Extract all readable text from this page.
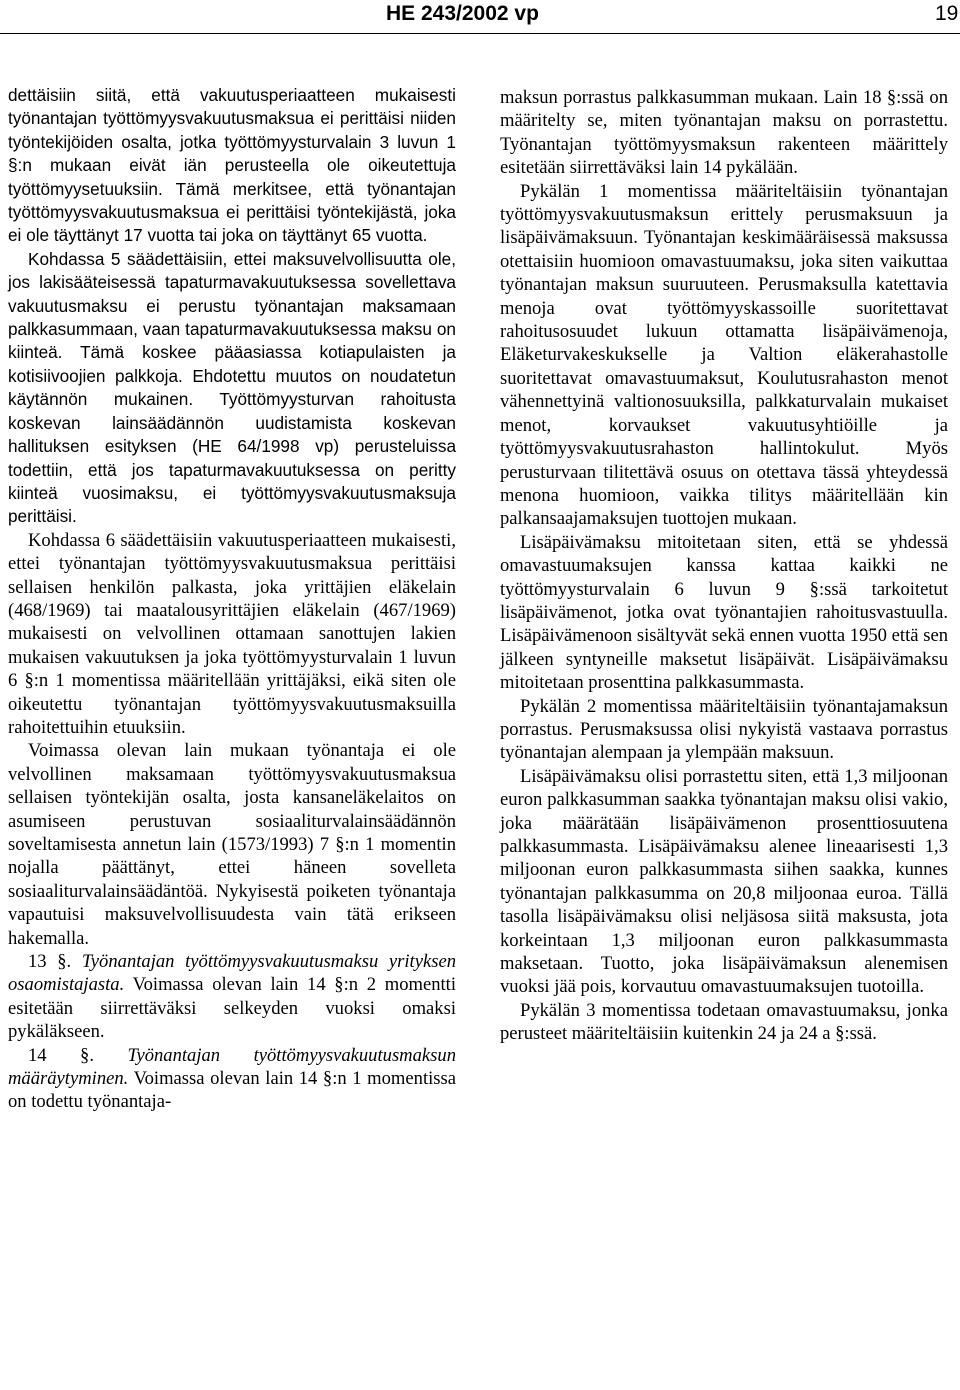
HE 243/2002 vp	19

dettäisiin siitä, että vakuutusperiaatteen mukaisesti työnantajan työttömyysvakuutusmaksua ei perittäisi niiden työntekijöiden osalta, jotka työttömyysturvalain 3 luvun 1 §:n mukaan eivät iän perusteella ole oikeutettuja työttömyysetuuksiin. Tämä merkitsee, että työnantajan työttömyysvakuutusmaksua ei perittäisi työntekijästä, joka ei ole täyttänyt 17 vuotta tai joka on täyttänyt 65 vuotta.

Kohdassa 5 säädettäisiin, ettei maksuvelvollisuutta ole, jos lakisääteisessä tapaturmavakuutuksessa sovellettava vakuutusmaksu ei perustu työnantajan maksamaan palkkasummaan, vaan tapaturmavakuutuksessa maksu on kiinteä. Tämä koskee pääasiassa kotiapulaisten ja kotisiivoojien palkkoja. Ehdotettu muutos on noudatetun käytännön mukainen. Työttömyysturvan rahoitusta koskevan lainsäädännön uudistamista koskevan hallituksen esityksen (HE 64/1998 vp) perusteluissa todettiin, että jos tapaturmavakuutuksessa on peritty kiinteä vuosimaksu, ei työttömyysvakuutusmaksuja perittäisi.

Kohdassa 6 säädettäisiin vakuutusperiaatteen mukaisesti, ettei työnantajan työttömyysvakuutusmaksua perittäisi sellaisen henkilön palkasta, joka yrittäjien eläkelain (468/1969) tai maatalousyrittäjien eläkelain (467/1969) mukaisesti on velvollinen ottamaan sanottujen lakien mukaisen vakuutuksen ja joka työttömyysturvalain 1 luvun 6 §:n 1 momentissa määritellään yrittäjäksi, eikä siten ole oikeutettu työnantajan työttömyysvakuutusmaksuilla rahoitettuihin etuuksiin.

Voimassa olevan lain mukaan työnantaja ei ole velvollinen maksamaan työttömyysvakuutusmaksua sellaisen työntekijän osalta, josta kansaneläkelaitos on asumiseen perustuvan sosiaaliturvalainsäädännön soveltamisesta annetun lain (1573/1993) 7 §:n 1 momentin nojalla päättänyt, ettei häneen sovelleta sosiaaliturvalainsäädäntöä. Nykyisestä poiketen työnantaja vapautuisi maksuvelvollisuudesta vain tätä erikseen hakemalla.

13 §. Työnantajan työttömyysvakuutusmaksu yrityksen osaomistajasta. Voimassa olevan lain 14 §:n 2 momentti esitetään siirrettäväksi selkeyden vuoksi omaksi pykäläkseen.

14 §. Työnantajan työttömyysvakuutusmaksun määräytyminen. Voimassa olevan lain 14 §:n 1 momentissa on todettu työnantaja-

maksun porrastus palkkasumman mukaan. Lain 18 §:ssä on määritelty se, miten työnantajan maksu on porrastettu. Työnantajan työttömyysmaksun rakenteen määrittely esitetään siirrettäväksi lain 14 pykälään.

Pykälän 1 momentissa määriteltäisiin työnantajan työttömyysvakuutusmaksun erittely perusmaksuun ja lisäpäivämaksuun. Työnantajan keskimääräisessä maksussa otettaisiin huomioon omavastuumaksu, joka siten vaikuttaa työnantajan maksun suuruuteen. Perusmaksulla katettavia menoja ovat työttömyyskassoille suoritettavat rahoitusosuudet lukuun ottamatta lisäpäivämenoja, Eläketurvakeskukselle ja Valtion eläkerahastolle suoritettavat omavastuumaksut, Koulutusrahaston menot vähennettyinä valtionosuuksilla, palkkaturvalain mukaiset menot, korvaukset vakuutusyhtiöille ja työttömyysvakuutusrahaston hallintokulut. Myös perusturvaan tilitettävä osuus on otettava tässä yhteydessä menona huomioon, vaikka tilitys määritellään kin palkansaajamaksujen tuottojen mukaan.

Lisäpäivämaksu mitoitetaan siten, että se yhdessä omavastuumaksujen kanssa kattaa kaikki ne työttömyysturvalain 6 luvun 9 §:ssä tarkoitetut lisäpäivämenot, jotka ovat työnantajien rahoitusvastuulla. Lisäpäivämenoon sisältyvät sekä ennen vuotta 1950 että sen jälkeen syntyneille maksetut lisäpäivät. Lisäpäivämaksu mitoitetaan prosenttina palkkasummasta.

Pykälän 2 momentissa määriteltäisiin työnantajamaksun porrastus. Perusmaksussa olisi nykyistä vastaava porrastus työnantajan alempaan ja ylempään maksuun.

Lisäpäivämaksu olisi porrastettu siten, että 1,3 miljoonan euron palkkasumman saakka työnantajan maksu olisi vakio, joka määrätään lisäpäivämenon prosenttiosuutena palkkasummasta. Lisäpäivämaksu alenee lineaarisesti 1,3 miljoonan euron palkkasummasta siihen saakka, kunnes työnantajan palkkasumma on 20,8 miljoonaa euroa. Tällä tasolla lisäpäivämaksu olisi neljäsosa siitä maksusta, jota korkeintaan 1,3 miljoonan euron palkkasummasta maksetaan. Tuotto, joka lisäpäivämaksun alenemisen vuoksi jää pois, korvautuu omavastuumaksujen tuotoilla.

Pykälän 3 momentissa todetaan omavastuumaksu, jonka perusteet määriteltäisiin kuitenkin 24 ja 24 a §:ssä.
